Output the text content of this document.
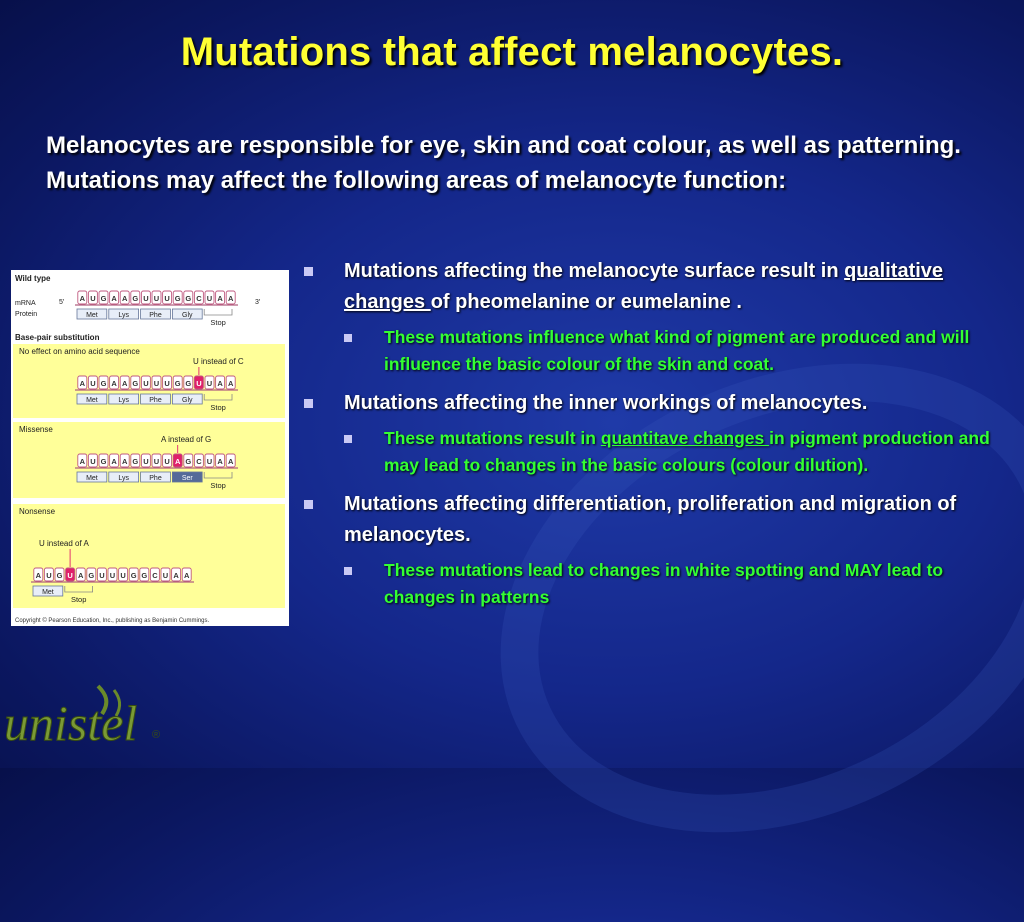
Mutations that affect melanocytes.
Melanocytes are responsible for eye, skin and coat colour, as well as patterning. Mutations may affect the following areas of melanocyte function:
Wild type
mRNA
Protein
5′	3′
A U G A A G U U U G G C U A A
Met	Lys	Phe	Gly
Stop
Base-pair substitution
No effect on amino acid sequence
U instead of C
A U G A A G U U U G G U U A A
Met	Lys	Phe	Gly
Stop
Missense
A instead of G
A U G A A G U U U A G C U A A
Met	Lys	Phe	Ser
Stop
Nonsense
U instead of A
A U G U A G U U U G G C U A A
Met
Stop
Copyright © Pearson Education, Inc., publishing as Benjamin Cummings.
Mutations affecting the melanocyte surface result in qualitative changes of pheomelanine or eumelanine .
These mutations influence what kind of pigment are produced and will influence the basic colour of the skin and coat.
Mutations affecting the inner workings of melanocytes.
These mutations result in quantitave changes in pigment production and may lead to changes in the basic colours (colour dilution).
Mutations affecting differentiation, proliferation and migration of melanocytes.
These mutations lead to changes in white spotting and MAY lead to changes in patterns
unistel ®
